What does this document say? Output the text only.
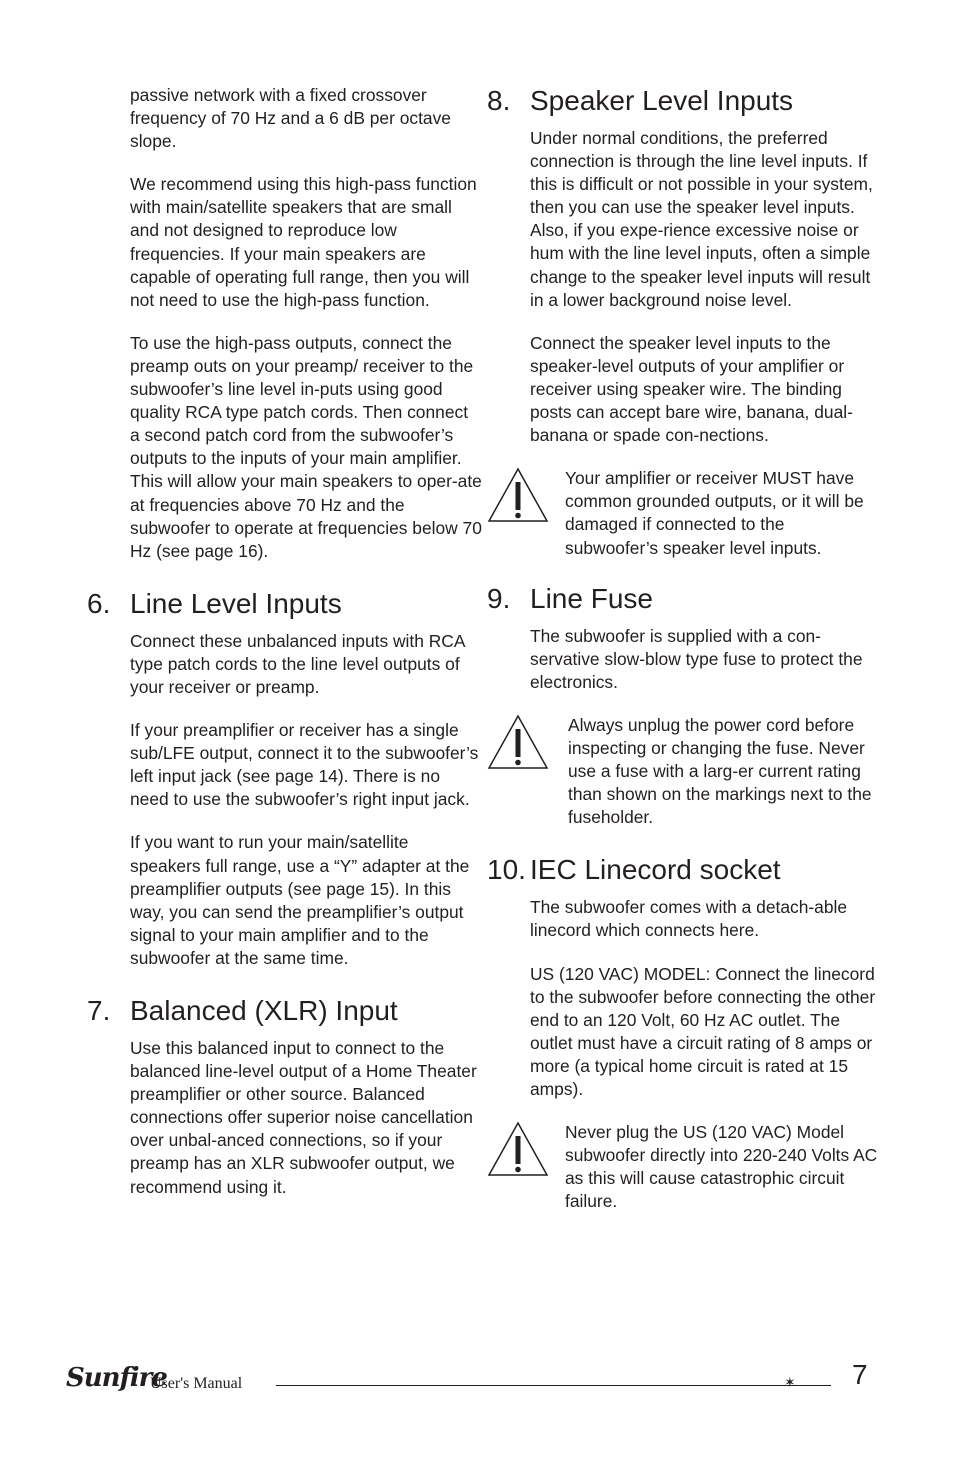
passive network with a fixed crossover frequency of 70 Hz and a 6 dB per octave slope.

We recommend using this high-pass function with main/satellite speakers that are small and not designed to reproduce low frequencies. If your main speakers are capable of operating full range, then you will not need to use the high-pass function.

To use the high-pass outputs, connect the preamp outs on your preamp/ receiver to the subwoofer’s line level in-puts using good quality RCA type patch cords. Then connect a second patch cord from the subwoofer’s outputs to the inputs of your main amplifier. This will allow your main speakers to oper-ate at frequencies above 70 Hz and the subwoofer to operate at frequencies below 70 Hz (see page 16).

6. Line Level Inputs

Connect these unbalanced inputs with RCA type patch cords to the line level outputs of your receiver or preamp.

If your preamplifier or receiver has a single sub/LFE output, connect it to the subwoofer’s left input jack (see page 14). There is no need to use the subwoofer’s right input jack.

If you want to run your main/satellite speakers full range, use a “Y” adapter at the preamplifier outputs (see page 15). In this way, you can send the preamplifier’s output signal to your main amplifier and to the subwoofer at the same time.

7. Balanced (XLR) Input

Use this balanced input to connect to the balanced line-level output of a Home Theater preamplifier or other source. Balanced connections offer superior noise cancellation over unbal-anced connections, so if your preamp has an XLR subwoofer output, we recommend using it.

8. Speaker Level Inputs

Under normal conditions, the preferred connection is through the line level inputs. If this is difficult or not possible in your system, then you can use the speaker level inputs. Also, if you expe-rience excessive noise or hum with the line level inputs, often a simple change to the speaker level inputs will result in a lower background noise level.

Connect the speaker level inputs to the speaker-level outputs of your amplifier or receiver using speaker wire. The binding posts can accept bare wire, banana, dual-banana or spade con-nections.

Your amplifier or receiver MUST have common grounded outputs, or it will be damaged if connected to the subwoofer’s speaker level inputs.

9. Line Fuse

The subwoofer is supplied with a con-servative slow-blow type fuse to protect the electronics.

Always unplug the power cord before inspecting or changing the fuse. Never use a fuse with a larg-er current rating than shown on the markings next to the fuseholder.

10. IEC Linecord socket

The subwoofer comes with a detach-able linecord which connects here.

US (120 VAC) MODEL: Connect the linecord to the subwoofer before connecting the other end to an 120 Volt, 60 Hz AC outlet. The outlet must have a circuit rating of 8 amps or more (a typical home circuit is rated at 15 amps).

Never plug the US (120 VAC) Model subwoofer directly into 220-240 Volts AC as this will cause catastrophic circuit failure.

Sunfire
User's Manual	✶ 7
